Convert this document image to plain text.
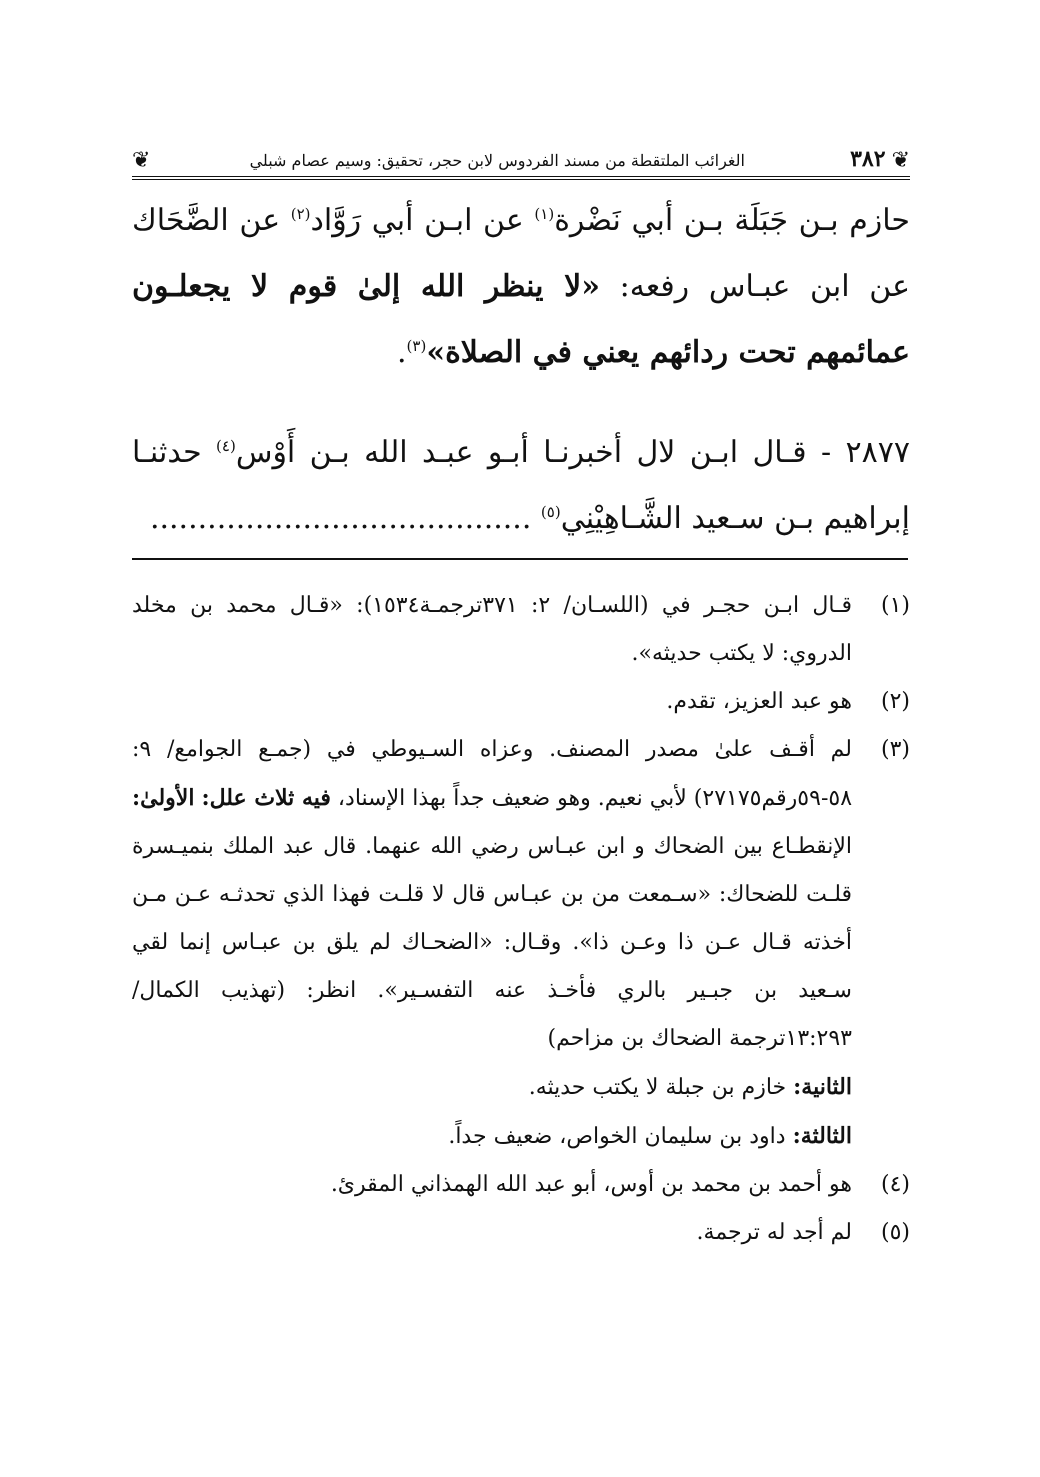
❦
٣٨٢
الغرائب الملتقطة من مسند الفردوس لابن حجر، تحقيق: وسيم عصام شبلي
❦
حازم بـن جَبَلَة بـن أبي نَضْرة$^{(١)}$ عن ابـن أبي رَوَّاد$^{(٢)}$ عن الضَّحَاك عن ابن عبـاس رفعه: «لا ينظر الله إلىٰ قوم لا يجعلـون عمائمهم تحت ردائهم يعني في الصلاة»$^{(٣)}$.
٢٨٧٧ - قـال ابـن لال أخبرنـا أبـو عبـد الله بـن أَوْس$^{(٤)}$ حدثنـا إبراهيم بـن سـعيد الشَّـاهِيْنِي$^{(٥)}$ ........................................
(١)
قـال ابـن حجـر في (اللسـان/ ٢: ٣٧١ترجمـة١٥٣٤): «قـال محمد بن مخلد الدروي: لا يكتب حديثه».
(٢)
هو عبد العزيز، تقدم.
(٣)
لم أقـف علىٰ مصدر المصنف. وعزاه السـيوطي في (جمـع الجوامع/ ٩: ٥٨-٥٩رقم٢٧١٧٥) لأبي نعيم. وهو ضعيف جداً بهذا الإسناد، فيه ثلاث علل: الأولىٰ: الإنقطـاع بين الضحاك و ابن عبـاس رضي الله عنهما. قال عبد الملك بنميـسرة قلـت للضحاك: «سـمعت من بن عبـاس قال لا قلـت فهذا الذي تحدثـه عـن مـن أخذته قـال عـن ذا وعـن ذا». وقـال: «الضحـاك لم يلق بن عبـاس إنما لقي سـعيد بن جبـير بالري فأخـذ عنه التفسـير». انظر: (تهذيب الكمال/ ١٣:٢٩٣ترجمة الضحاك بن مزاحم)
الثانية: خازم بن جبلة لا يكتب حديثه.
الثالثة: داود بن سليمان الخواص، ضعيف جداً.
(٤)
هو أحمد بن محمد بن أوس، أبو عبد الله الهمذاني المقرئ.
(٥)
لم أجد له ترجمة.
